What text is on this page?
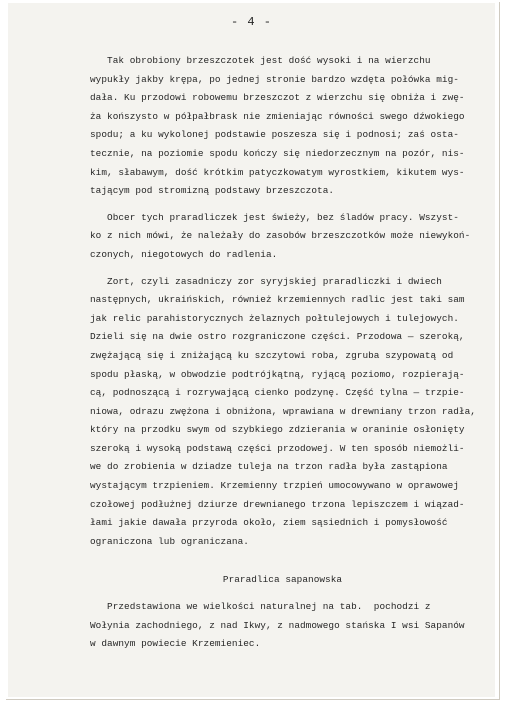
- 4 -
Tak obrobiony brzeszczotek jest dość wysoki i na wierzchu
wypukły jakby krępa, po jednej stronie bardzo wzdęta połówka mig-
dała. Ku przodowi robowemu brzeszczot z wierzchu się obniża i zwę-
ża końszysto w półpałbrask nie zmieniając równości swego dźwokiego
spodu; a ku wykolonej podstawie poszesza się i podnosi; zaś osta-
tecznie, na poziomie spodu kończy się niedorzecznym na pozór, nis-
kim, słabawym, dość krótkim patyczkowatym wyrostkiem, kikutem wys-
tającym pod stromizną podstawy brzeszczota.
Obcer tych praradliczek jest świeży, bez śladów pracy. Wszyst-
ko z nich mówi, że należały do zasobów brzeszczotków może niewykoń-
czonych, niegotowych do radlenia.
Zort, czyli zasadniczy zor syryjskiej praradliczki i dwiech
następnych, ukraińskich, również krzemiennych radlic jest taki sam
jak relic parahistorycznych żelaznych połtulejowych i tulejowych.
Dzieli się na dwie ostro rozgraniczone części. Przodowa — szeroką,
zwężającą się i zniżającą ku szczytowi roba, zgruba szypowatą od
spodu płaską, w obwodzie podtrójkątną, ryjącą poziomo, rozpierają-
cą, podnoszącą i rozrywającą cienko podzynę. Część tylna — trzpie-
niowa, odrazu zwężona i obniżona, wprawiana w drewniany trzon radła,
który na przodku swym od szybkiego zdzierania w oraninie osłonięty
szeroką i wysoką podstawą części przodowej. W ten sposób niemożli-
we do zrobienia w dziadze tuleja na trzon radła była zastąpiona
wystającym trzpieniem. Krzemienny trzpień umocowywano w oprawowej
czołowej podłużnej dziurze drewnianego trzona lepiszczem i wiązad-
łami jakie dawała przyroda około, ziem sąsiednich i pomysłowość
ograniczona lub ograniczana.
Praradlica sapanowska
Przedstawiona we wielkości naturalnej na tab.  pochodzi z
Wołynia zachodniego, z nad Ikwy, z nadmowego stańska I wsi Sapanów
w dawnym powiecie Krzemieniec.
